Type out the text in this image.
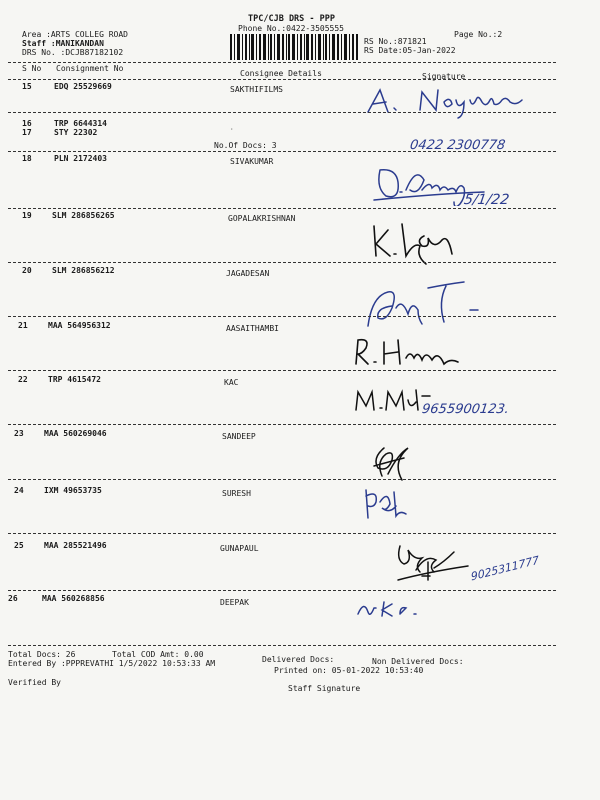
TPC/CJB DRS - PPP
Phone No.:0422-3505555
Area :ARTS COLLEG ROAD
Staff :MANIKANDAN
DRS No. :DCJB87182102
Page No.:2
RS No.:871821
RS Date:05-Jan-2022
S No Consignment No
Consignee Details	Signature
15	EDQ 25529669	SAKTHIFILMS
16	TRP 6644314
17	STY 22302	·
No.Of Docs: 3	0422 2300778
18	PLN 2172403	SIVAKUMAR
5/1/22
19	SLM 286856265	GOPALAKRISHNAN
20	SLM 286856212	JAGADESAN
21	MAA 564956312	AASAITHAMBI
22	TRP 4615472	KAC
9655900123.
23	MAA 560269046	SANDEEP
24	IXM 49653735	SURESH
25	MAA 285521496	GUNAPAUL
9025311777
26	MAA 560268856	DEEPAK
Total Docs: 26	Total COD Amt: 0.00
Delivered Docs:	Non Delivered Docs:
Entered By :PPPREVATHI 1/5/2022 10:53:33 AM
Printed on: 05-01-2022 10:53:40
Verified By
Staff Signature
